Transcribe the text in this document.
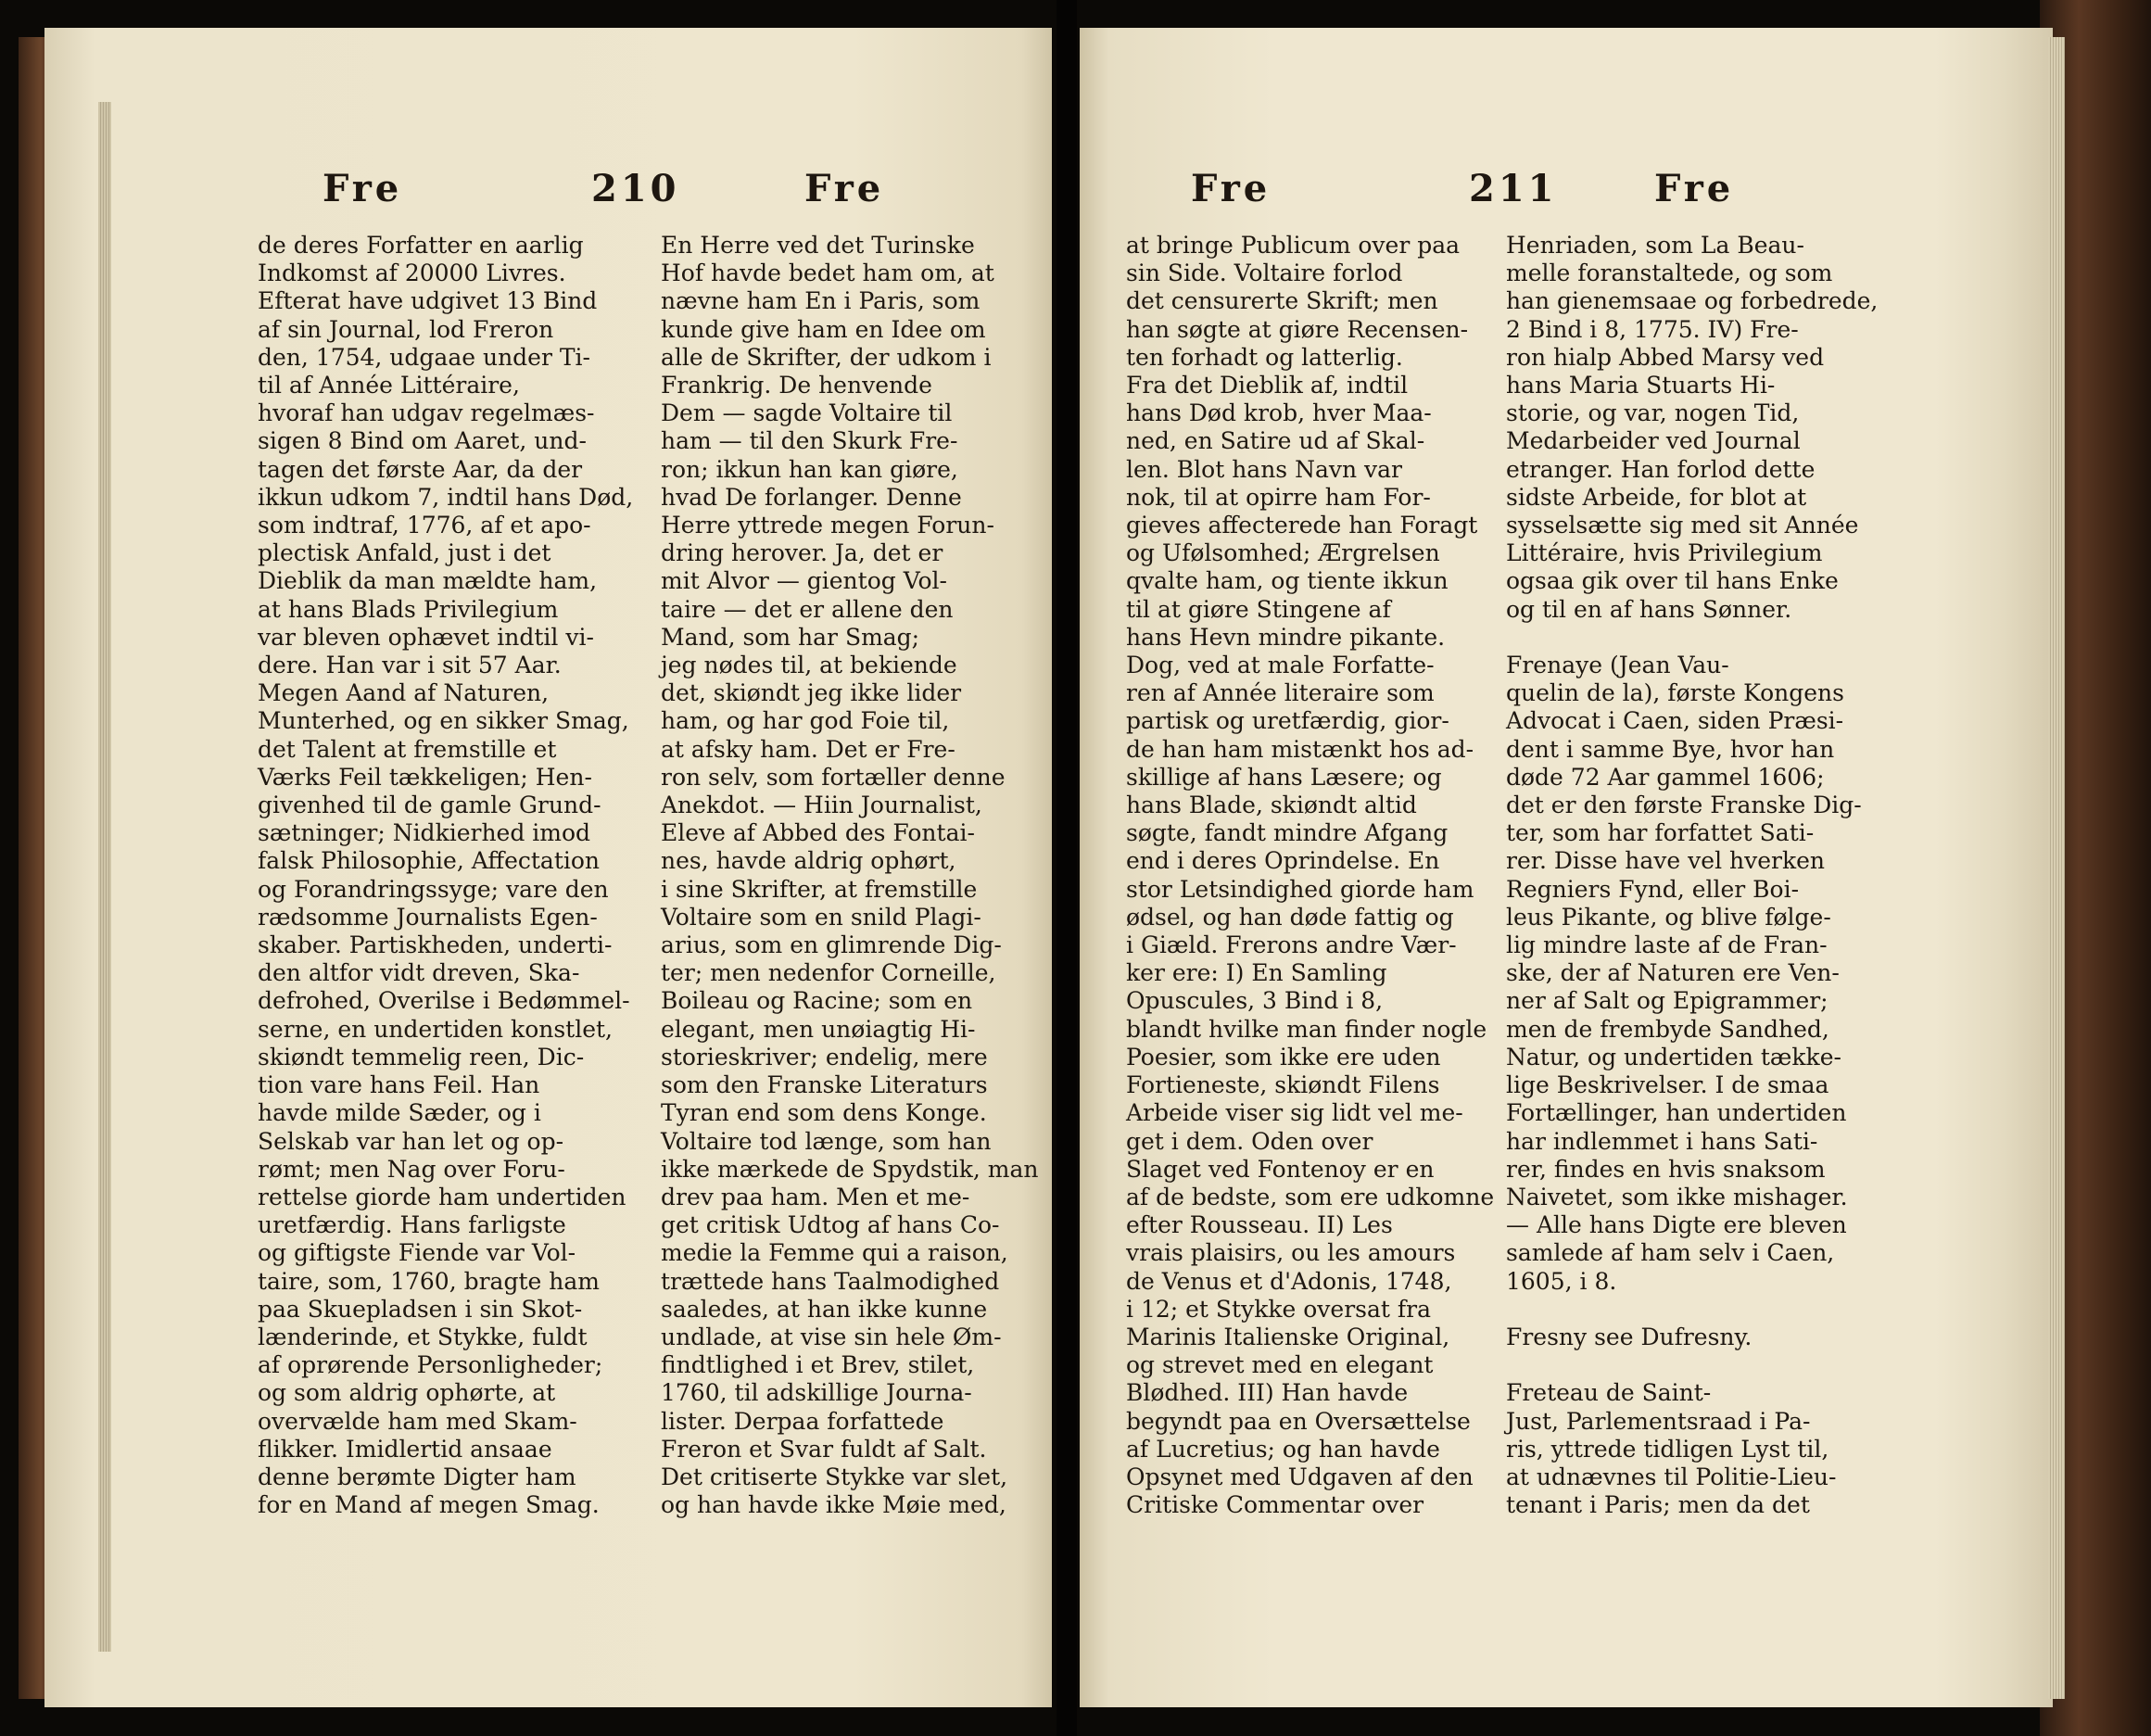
Fre	210	Fre
de deres Forfatter en aarlig
Indkomst af 20000 Livres.
Efterat have udgivet 13 Bind
af sin Journal, lod Freron
den, 1754, udgaae under Ti-
til af Année Littéraire,
hvoraf han udgav regelmæs-
sigen 8 Bind om Aaret, und-
tagen det første Aar, da der
ikkun udkom 7, indtil hans Død,
som indtraf, 1776, af et apo-
plectisk Anfald, just i det
Dieblik da man mældte ham,
at hans Blads Privilegium
var bleven ophævet indtil vi-
dere. Han var i sit 57 Aar.
Megen Aand af Naturen,
Munterhed, og en sikker Smag,
det Talent at fremstille et
Værks Feil tækkeligen; Hen-
givenhed til de gamle Grund-
sætninger; Nidkierhed imod
falsk Philosophie, Affectation
og Forandringssyge; vare den
rædsomme Journalists Egen-
skaber. Partiskheden, underti-
den altfor vidt dreven, Ska-
defrohed, Overilse i Bedømmel-
serne, en undertiden konstlet,
skiøndt temmelig reen, Dic-
tion vare hans Feil. Han
havde milde Sæder, og i
Selskab var han let og op-
rømt; men Nag over Foru-
rettelse giorde ham undertiden
uretfærdig. Hans farligste
og giftigste Fiende var Vol-
taire, som, 1760, bragte ham
paa Skuepladsen i sin Skot-
lænderinde, et Stykke, fuldt
af oprørende Personligheder;
og som aldrig ophørte, at
overvælde ham med Skam-
flikker. Imidlertid ansaae
denne berømte Digter ham
for en Mand af megen Smag.
En Herre ved det Turinske
Hof havde bedet ham om, at
nævne ham En i Paris, som
kunde give ham en Idee om
alle de Skrifter, der udkom i
Frankrig. De henvende
Dem — sagde Voltaire til
ham — til den Skurk Fre-
ron; ikkun han kan giøre,
hvad De forlanger. Denne
Herre yttrede megen Forun-
dring herover. Ja, det er
mit Alvor — gientog Vol-
taire — det er allene den
Mand, som har Smag;
jeg nødes til, at bekiende
det, skiøndt jeg ikke lider
ham, og har god Foie til,
at afsky ham. Det er Fre-
ron selv, som fortæller denne
Anekdot. — Hiin Journalist,
Eleve af Abbed des Fontai-
nes, havde aldrig ophørt,
i sine Skrifter, at fremstille
Voltaire som en snild Plagi-
arius, som en glimrende Dig-
ter; men nedenfor Corneille,
Boileau og Racine; som en
elegant, men unøiagtig Hi-
storieskriver; endelig, mere
som den Franske Literaturs
Tyran end som dens Konge.
Voltaire tod længe, som han
ikke mærkede de Spydstik, man
drev paa ham. Men et me-
get critisk Udtog af hans Co-
medie la Femme qui a raison,
trættede hans Taalmodighed
saaledes, at han ikke kunne
undlade, at vise sin hele Øm-
findtlighed i et Brev, stilet,
1760, til adskillige Journa-
lister. Derpaa forfattede
Freron et Svar fuldt af Salt.
Det critiserte Stykke var slet,
og han havde ikke Møie med,
Fre	211	Fre
at bringe Publicum over paa
sin Side. Voltaire forlod
det censurerte Skrift; men
han søgte at giøre Recensen-
ten forhadt og latterlig.
Fra det Dieblik af, indtil
hans Død krob, hver Maa-
ned, en Satire ud af Skal-
len. Blot hans Navn var
nok, til at opirre ham For-
gieves affecterede han Foragt
og Ufølsomhed; Ærgrelsen
qvalte ham, og tiente ikkun
til at giøre Stingene af
hans Hevn mindre pikante.
Dog, ved at male Forfatte-
ren af Année literaire som
partisk og uretfærdig, gior-
de han ham mistænkt hos ad-
skillige af hans Læsere; og
hans Blade, skiøndt altid
søgte, fandt mindre Afgang
end i deres Oprindelse. En
stor Letsindighed giorde ham
ødsel, og han døde fattig og
i Giæld. Frerons andre Vær-
ker ere: I) En Samling
Opuscules, 3 Bind i 8,
blandt hvilke man finder nogle
Poesier, som ikke ere uden
Fortieneste, skiøndt Filens
Arbeide viser sig lidt vel me-
get i dem. Oden over
Slaget ved Fontenoy er en
af de bedste, som ere udkomne
efter Rousseau. II) Les
vrais plaisirs, ou les amours
de Venus et d'Adonis, 1748,
i 12; et Stykke oversat fra
Marinis Italienske Original,
og strevet med en elegant
Blødhed. III) Han havde
begyndt paa en Oversættelse
af Lucretius; og han havde
Opsynet med Udgaven af den
Critiske Commentar over
Henriaden, som La Beau-
melle foranstaltede, og som
han gienemsaae og forbedrede,
2 Bind i 8, 1775. IV) Fre-
ron hialp Abbed Marsy ved
hans Maria Stuarts Hi-
storie, og var, nogen Tid,
Medarbeider ved Journal
etranger. Han forlod dette
sidste Arbeide, for blot at
sysselsætte sig med sit Année
Littéraire, hvis Privilegium
ogsaa gik over til hans Enke
og til en af hans Sønner.

Frenaye (Jean Vau-
quelin de la), første Kongens
Advocat i Caen, siden Præsi-
dent i samme Bye, hvor han
døde 72 Aar gammel 1606;
det er den første Franske Dig-
ter, som har forfattet Sati-
rer. Disse have vel hverken
Regniers Fynd, eller Boi-
leus Pikante, og blive følge-
lig mindre laste af de Fran-
ske, der af Naturen ere Ven-
ner af Salt og Epigrammer;
men de frembyde Sandhed,
Natur, og undertiden tække-
lige Beskrivelser. I de smaa
Fortællinger, han undertiden
har indlemmet i hans Sati-
rer, findes en hvis snaksom
Naivetet, som ikke mishager.
— Alle hans Digte ere bleven
samlede af ham selv i Caen,
1605, i 8.

Fresny see Dufresny.

Freteau de Saint-
Just, Parlementsraad i Pa-
ris, yttrede tidligen Lyst til,
at udnævnes til Politie-Lieu-
tenant i Paris; men da det
